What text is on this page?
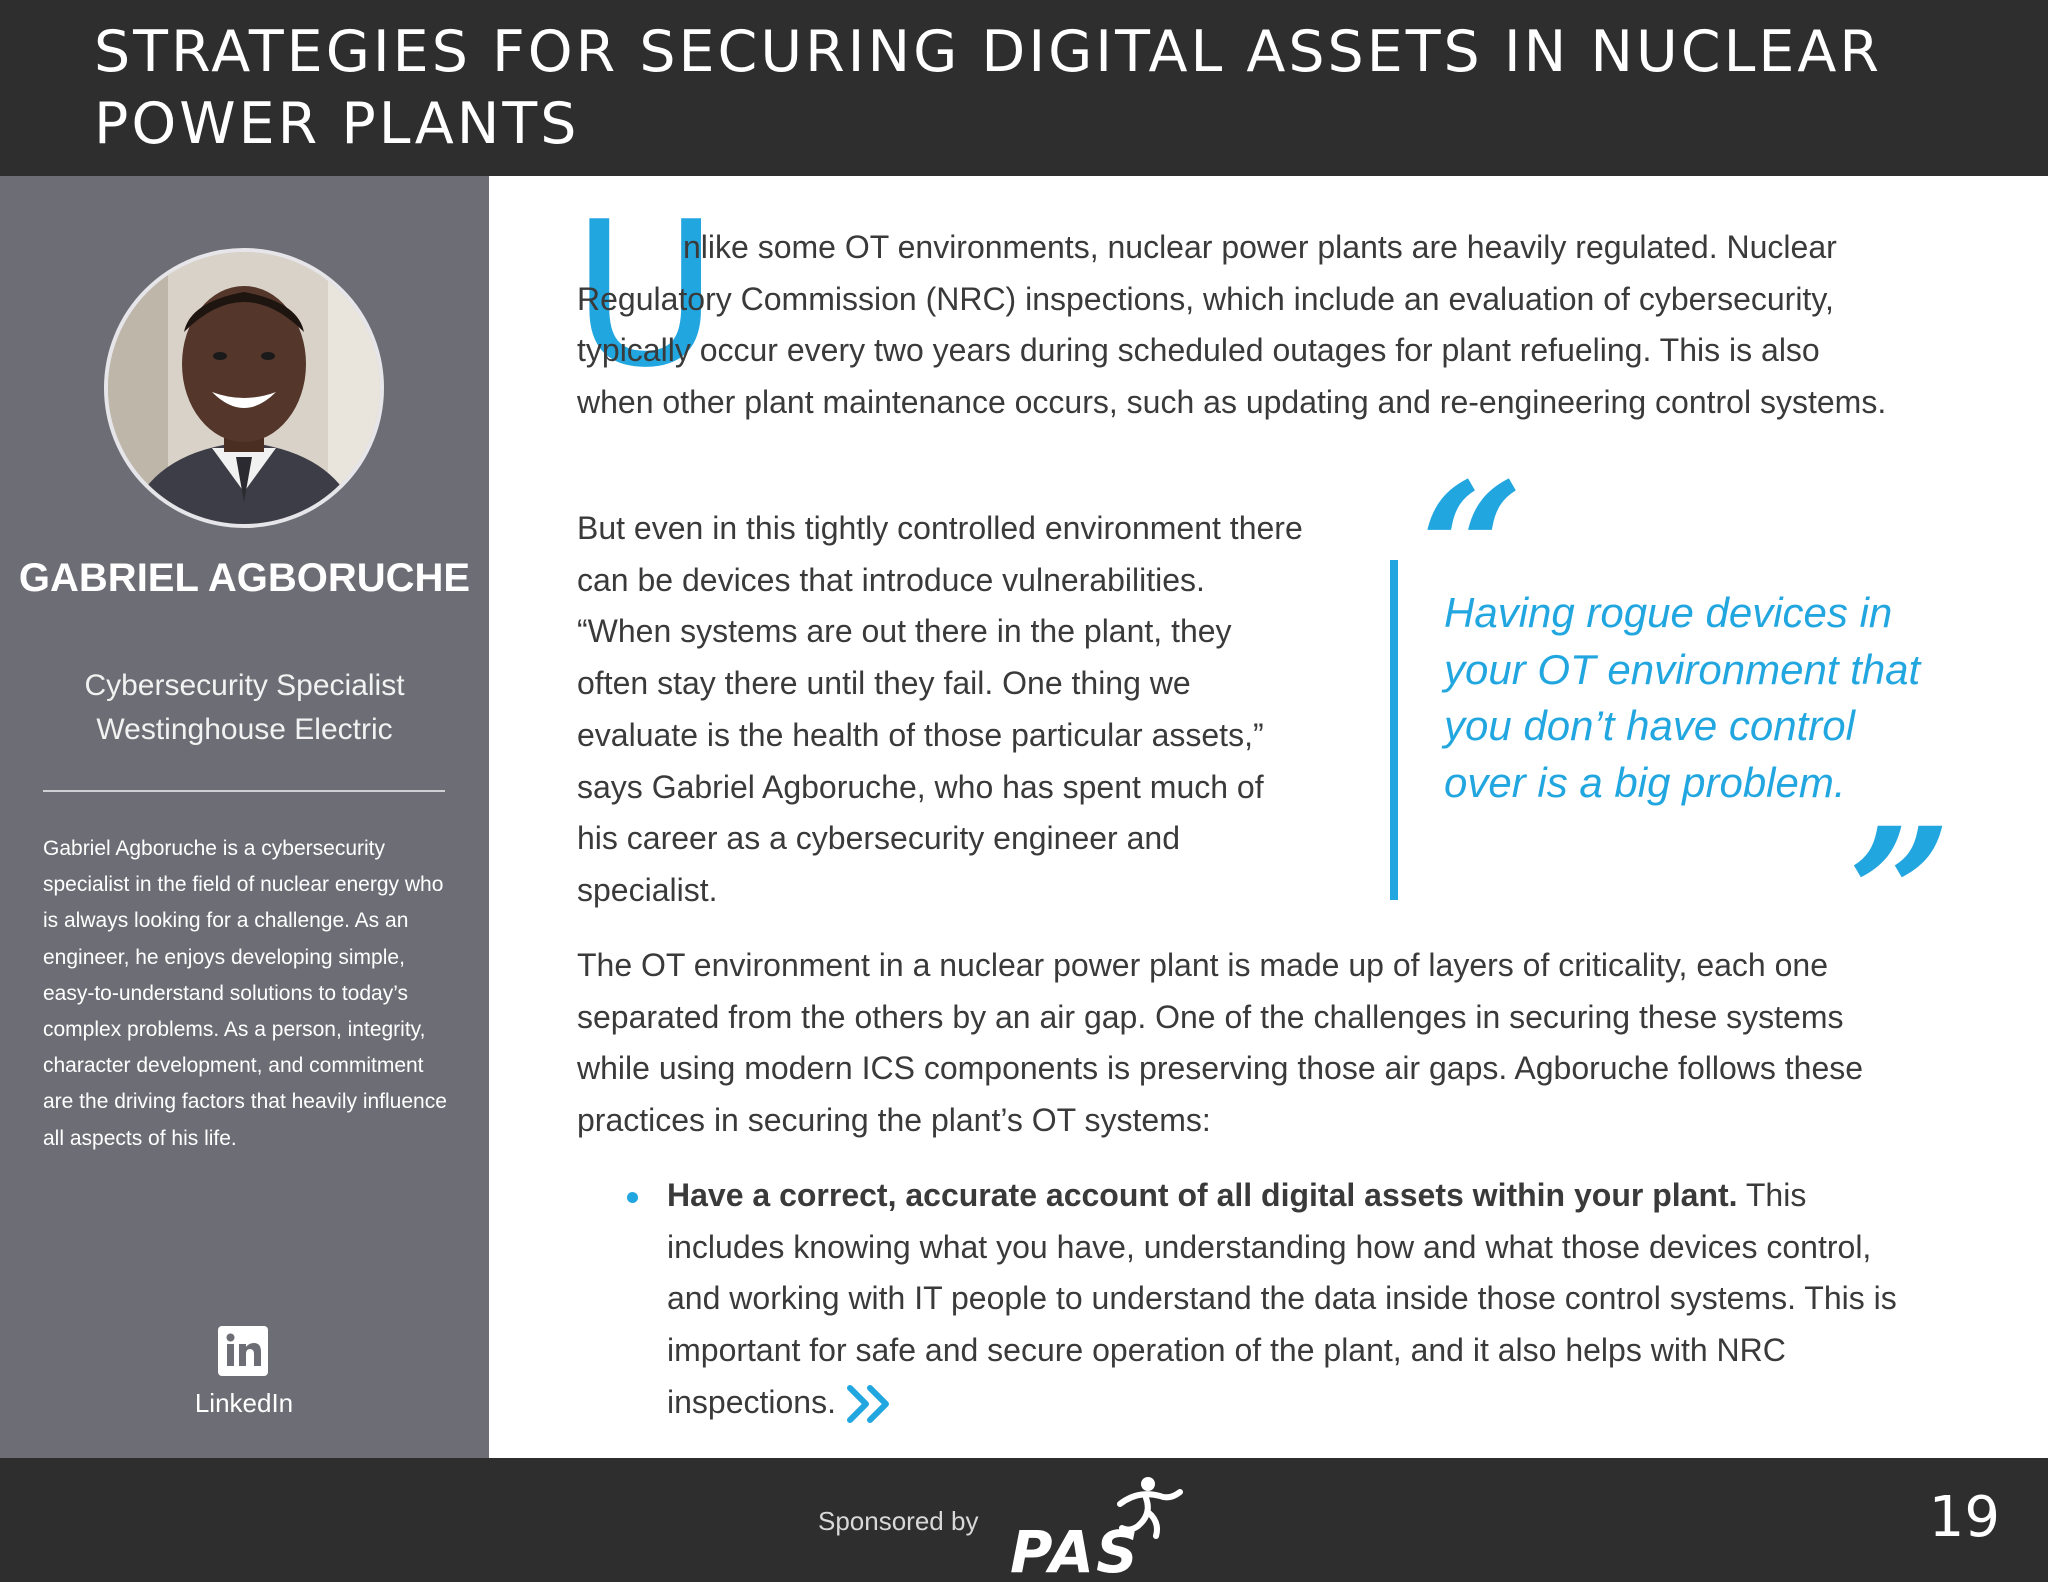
STRATEGIES FOR SECURING DIGITAL ASSETS IN NUCLEAR POWER PLANTS
GABRIEL AGBORUCHE
Cybersecurity Specialist
Westinghouse Electric

Gabriel Agboruche is a cybersecurity specialist in the field of nuclear energy who is always looking for a challenge. As an engineer, he enjoys developing simple, easy-to-understand solutions to today’s complex problems. As a person, integrity, character development, and commitment are the driving factors that heavily influence all aspects of his life.

LinkedIn
U

nlike some OT environments, nuclear power plants are heavily regulated. Nuclear Regulatory Commission (NRC) inspections, which include an evaluation of cybersecurity, typically occur every two years during scheduled outages for plant refueling. This is also when other plant maintenance occurs, such as updating and re-engineering control systems.

But even in this tightly controlled environment there can be devices that introduce vulnerabilities. “When systems are out there in the plant, they often stay there until they fail. One thing we evaluate is the health of those particular assets,” says Gabriel Agboruche, who has spent much of his career as a cybersecurity engineer and specialist.

The OT environment in a nuclear power plant is made up of layers of criticality, each one separated from the others by an air gap. One of the challenges in securing these systems while using modern ICS components is preserving those air gaps. Agboruche follows these practices in securing the plant’s OT systems:

Have a correct, accurate account of all digital assets within your plant. This includes knowing what you have, understanding how and what those devices control, and working with IT people to understand the data inside those control systems. This is important for safe and secure operation of the plant, and it also helps with NRC inspections.
“

Having rogue devices in your OT environment that you don’t have control over is a big problem.

”
Sponsored by PAS
19
